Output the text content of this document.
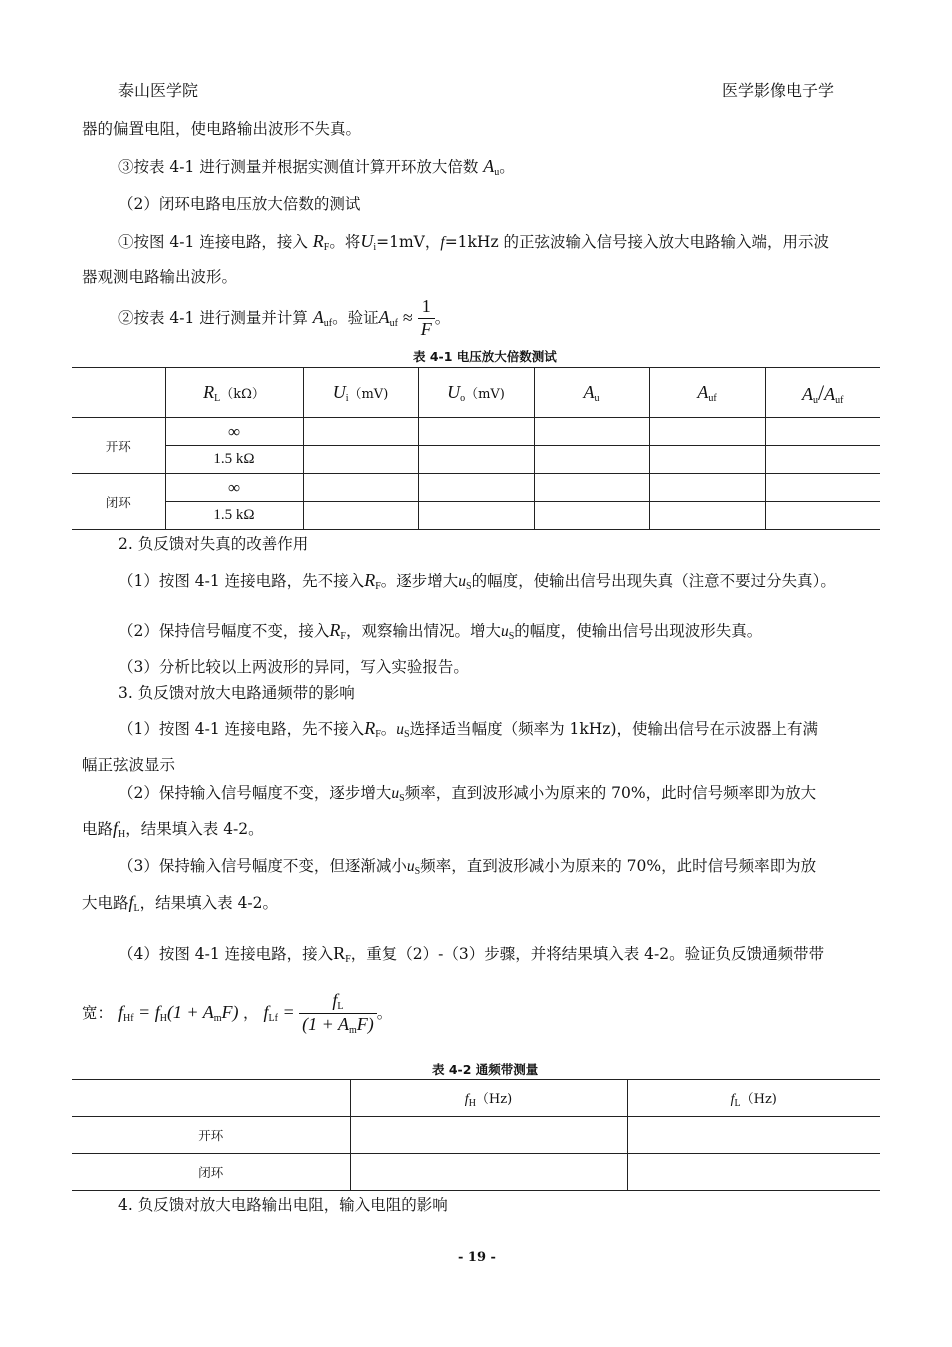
泰山医学院	医学影像电子学
器的偏置电阻，使电路输出波形不失真。
③按表 4-1 进行测量并根据实测值计算开环放大倍数 $A_u$。
（2）闭环电路电压放大倍数的测试
①按图 4-1 连接电路，接入 $R_F$。将$U_i=1mV$，f=1kHz 的正弦波输入信号接入放大电路输入端，用示波
器观测电路输出波形。
②按表 4-1 进行测量并计算 $A_{uf}$。验证$A_{uf} \approx \frac{1}{F}$ 。
表 4-1 电压放大倍数测试
	$R_L(k\Omega)$	$U_i(mV)$	$U_o(mV)$	$A_u$	$A_{uf}$	$A_u/A_{uf}$
开环	∞					
	1.5 kΩ					
闭环	∞					
	1.5 kΩ					
2. 负反馈对失真的改善作用
（1）按图 4-1 连接电路，先不接入$R_F$。逐步增大$u_S$的幅度，使输出信号出现失真（注意不要过分失真）。
（2）保持信号幅度不变，接入$R_F$，观察输出情况。增大$u_S$的幅度，使输出信号出现波形失真。
（3）分析比较以上两波形的异同，写入实验报告。
3. 负反馈对放大电路通频带的影响
（1）按图 4-1 连接电路，先不接入$R_F$。$u_S$选择适当幅度（频率为 1kHz)，使输出信号在示波器上有满
幅正弦波显示
（2）保持输入信号幅度不变，逐步增大$u_S$频率，直到波形减小为原来的 70%，此时信号频率即为放大
电路$f_H$，结果填入表 4-2。
（3）保持输入信号幅度不变，但逐渐减小$u_S$频率，直到波形减小为原来的 70%，此时信号频率即为放
大电路$f_L$，结果填入表 4-2。
（4）按图 4-1 连接电路，接入$R_F$，重复（2）-（3）步骤，并将结果填入表 4-2。验证负反馈通频带带
宽： $f_{Hf} = f_H(1 + A_mF)$ ， $f_{Lf} = \frac{f_L}{(1 + A_mF)}$ 。
表 4-2 通频带测量
	$f_H(Hz)$	$f_L(Hz)$
开环		
闭环		
4. 负反馈对放大电路输出电阻，输入电阻的影响
- 19 -
